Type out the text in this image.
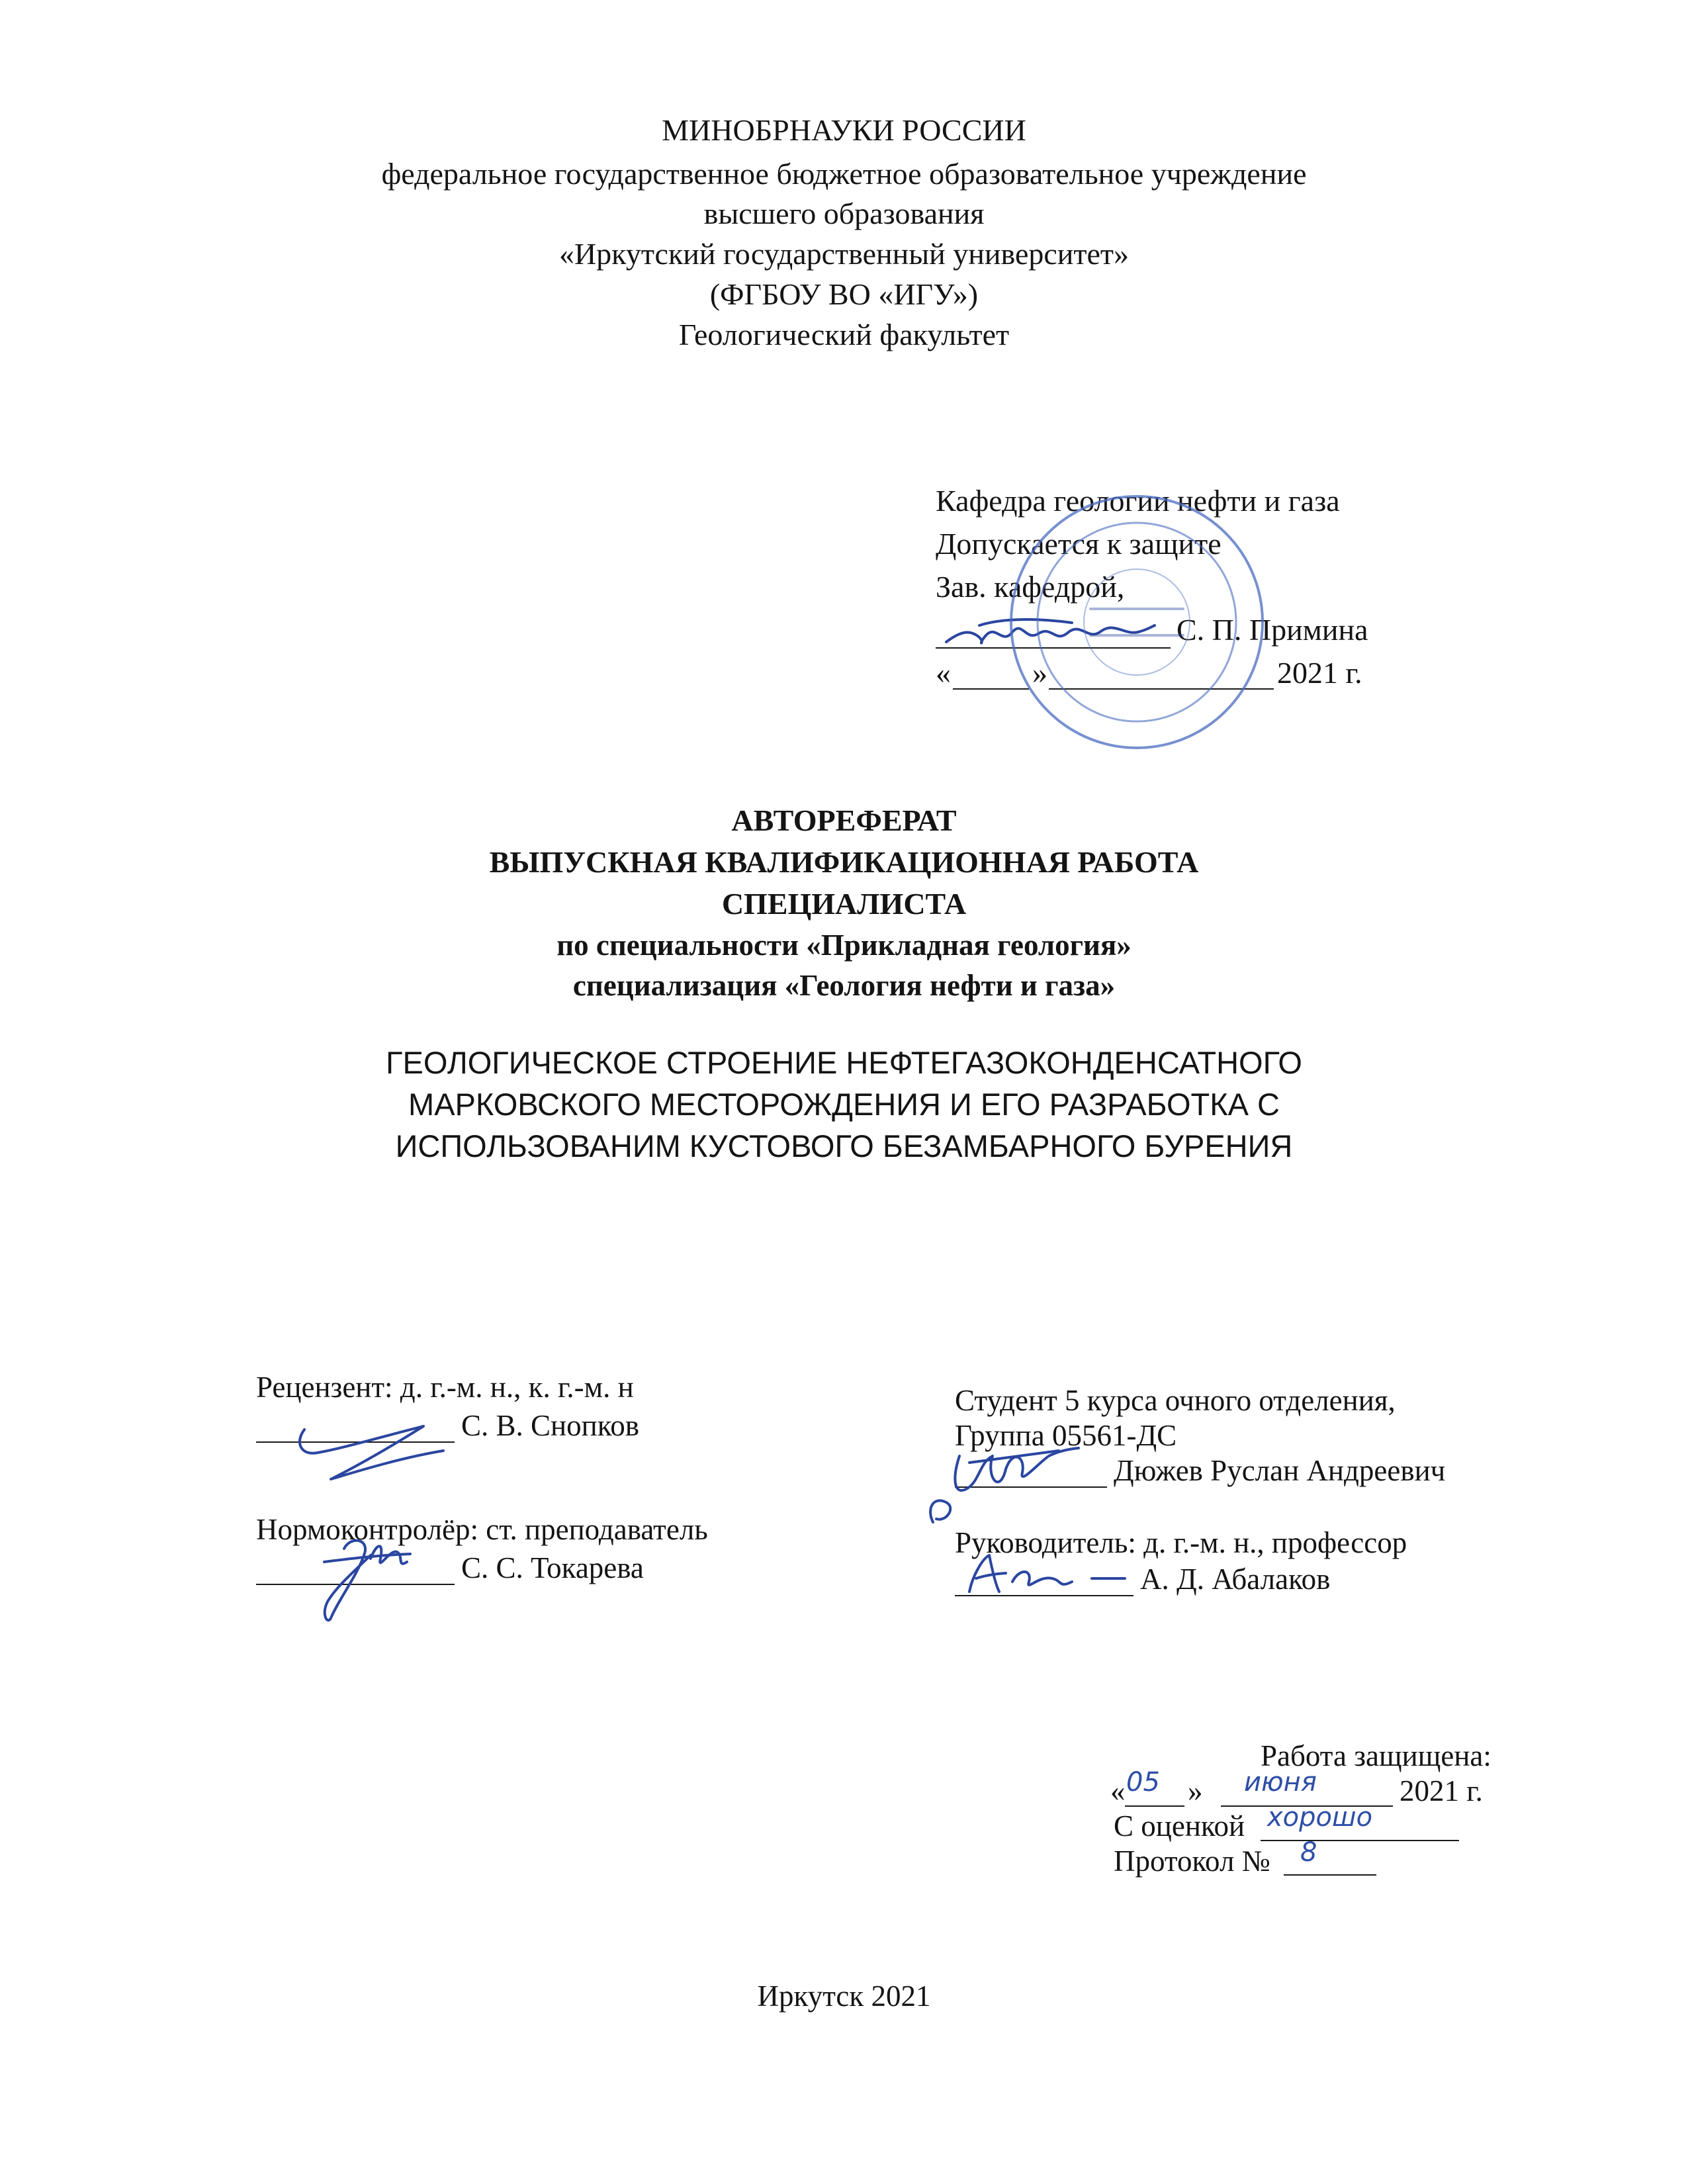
МИНОБРНАУКИ РОССИИ
федеральное государственное бюджетное образовательное учреждение
высшего образования
«Иркутский государственный университет»
(ФГБОУ ВО «ИГУ»)
Геологический факультет
Кафедра геологии нефти и газа
Допускается к защите
Зав. кафедрой,
С. П. Примина
«	»	2021 г.
АВТОРЕФЕРАТ
ВЫПУСКНАЯ КВАЛИФИКАЦИОННАЯ РАБОТА
СПЕЦИАЛИСТА
по специальности «Прикладная геология»
специализация «Геология нефти и газа»
ГЕОЛОГИЧЕСКОЕ СТРОЕНИЕ НЕФТЕГАЗОКОНДЕНСАТНОГО
МАРКОВСКОГО МЕСТОРОЖДЕНИЯ И ЕГО РАЗРАБОТКА С
ИСПОЛЬЗОВАНИМ КУСТОВОГО БЕЗАМБАРНОГО БУРЕНИЯ
Рецензент: д. г.-м. н., к. г.-м. н
С. В. Снопков
Нормоконтролёр: ст. преподаватель
С. С. Токарева
Студент 5 курса очного отделения,
Группа 05561-ДС
Дюжев Руслан Андреевич
Руководитель: д. г.-м. н., профессор
А. Д. Абалаков
Работа защищена:
« 05 » июня	2021 г.
С оценкой хорошо
Протокол № 8
Иркутск 2021
